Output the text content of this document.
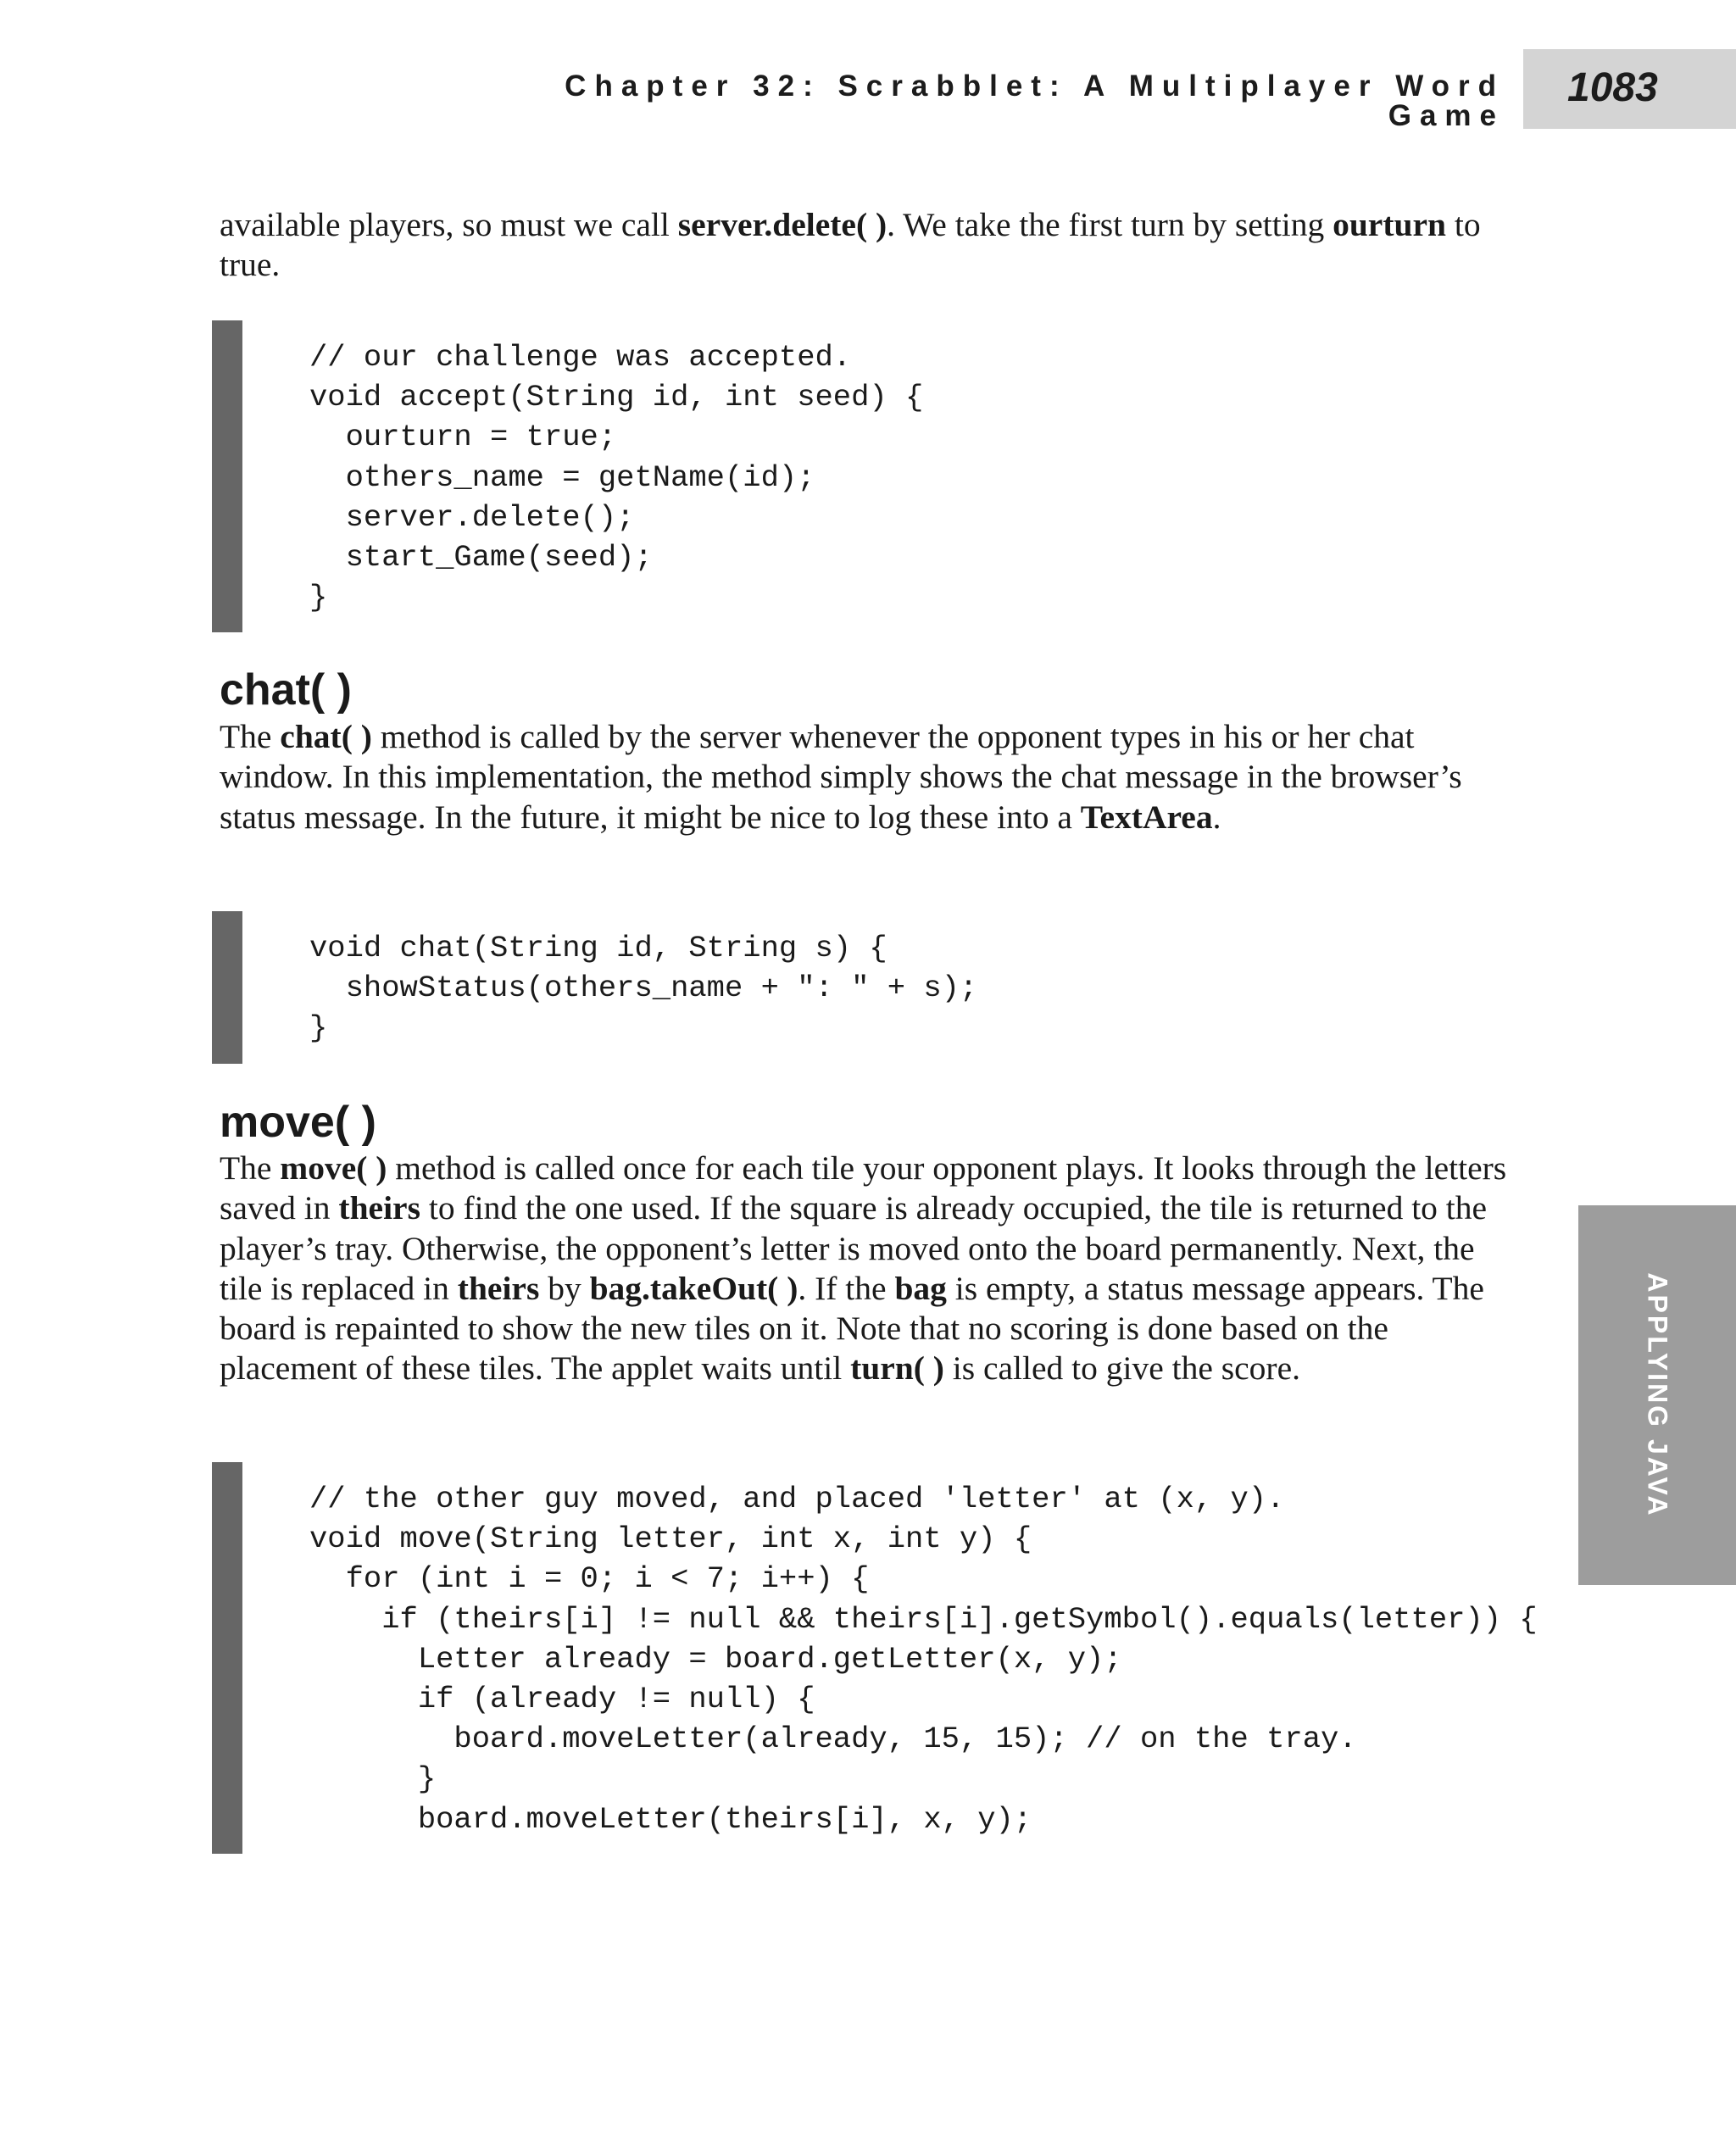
Chapter 32: Scrabblet: A Multiplayer Word Game
1083
APPLYING JAVA

available players, so must we call server.delete( ). We take the first turn by setting ourturn to true.

// our challenge was accepted.
void accept(String id, int seed) {
ourturn = true;
others_name = getName(id);
server.delete();
start_Game(seed);
}
chat( )

The chat( ) method is called by the server whenever the opponent types in his or her chat window. In this implementation, the method simply shows the chat message in the browser’s status message. In the future, it might be nice to log these into a TextArea.

void chat(String id, String s) {
showStatus(others_name + ": " + s);
}
move( )

The move( ) method is called once for each tile your opponent plays. It looks through the letters saved in theirs to find the one used. If the square is already occupied, the tile is returned to the player’s tray. Otherwise, the opponent’s letter is moved onto the board permanently. Next, the tile is replaced in theirs by bag.takeOut( ). If the bag is empty, a status message appears. The board is repainted to show the new tiles on it. Note that no scoring is done based on the placement of these tiles. The applet waits until turn( ) is called to give the score.

// the other guy moved, and placed 'letter' at (x, y).
void move(String letter, int x, int y) {
for (int i = 0; i < 7; i++) {
if (theirs[i] != null && theirs[i].getSymbol().equals(letter)) {
Letter already = board.getLetter(x, y);
if (already != null) {
board.moveLetter(already, 15, 15); // on the tray.
}
board.moveLetter(theirs[i], x, y);
